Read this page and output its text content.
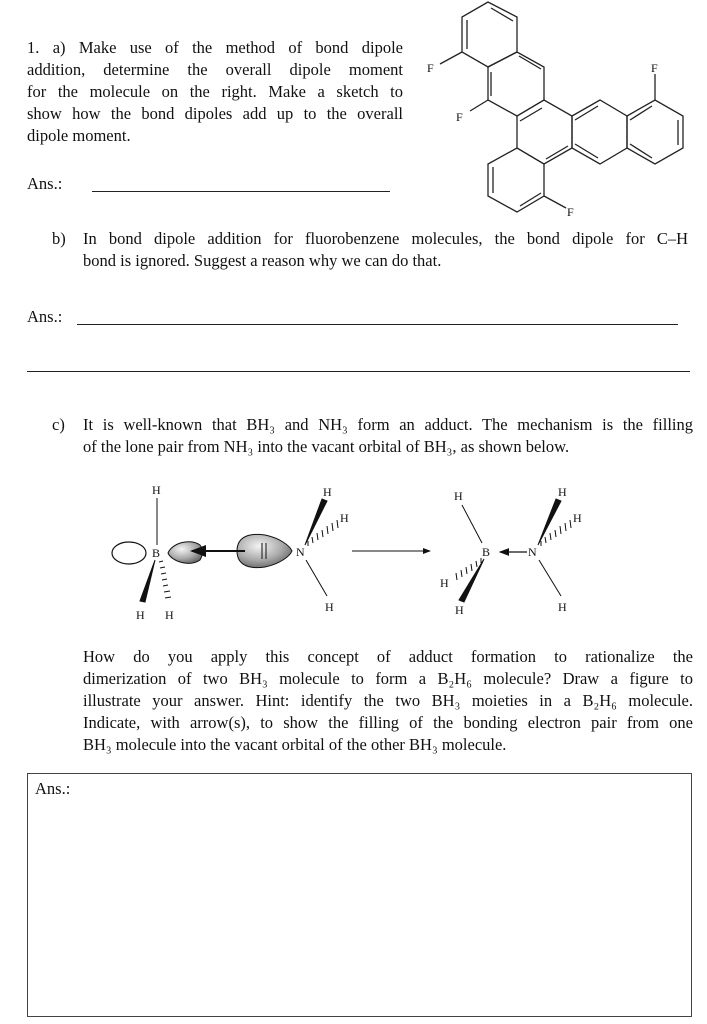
1. a) Make use of the method of bond dipole
addition, determine the overall dipole moment
for the molecule on the right. Make a sketch to
show how the bond dipoles add up to the overall
dipole moment.
Ans.:
F
F
F
F
b) In bond dipole addition for fluorobenzene molecules, the bond dipole for C–H
bond is ignored. Suggest a reason why we can do that.
Ans.:
c) It is well-known that BH₃ and NH₃ form an adduct. The mechanism is the filling
of the lone pair from NH₃ into the vacant orbital of BH₃, as shown below.
H
B
H H
N
H
H
H
H
B
H
H
N
H
H
H
How do you apply this concept of adduct formation to rationalize the
dimerization of two BH₃ molecule to form a B₂H₆ molecule? Draw a figure to
illustrate your answer. Hint: identify the two BH₃ moieties in a B₂H₆ molecule.
Indicate, with arrow(s), to show the filling of the bonding electron pair from one
BH₃ molecule into the vacant orbital of the other BH₃ molecule.
Ans.:
